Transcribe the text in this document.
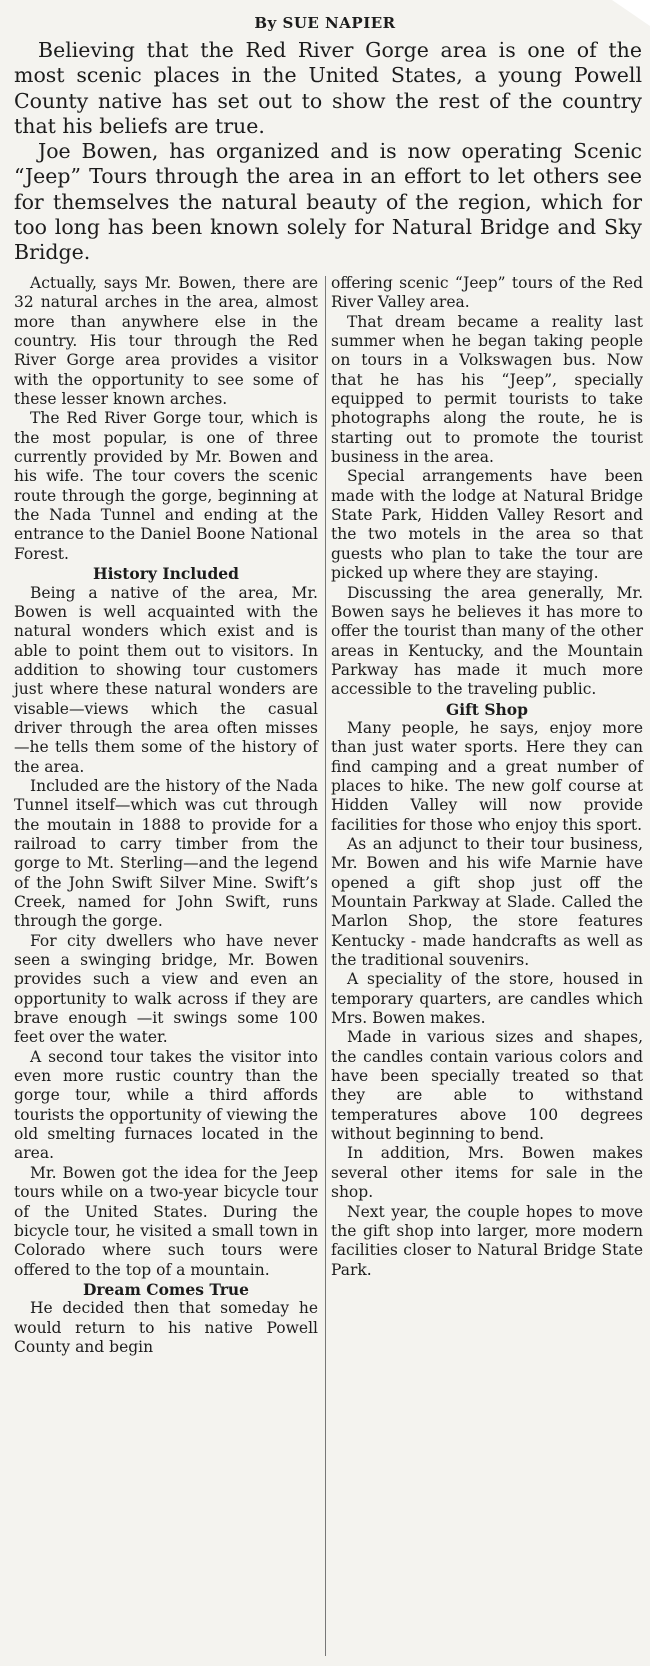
By SUE NAPIER

Believing that the Red River Gorge area is one of the most scenic places in the United States, a young Powell County native has set out to show the rest of the country that his beliefs are true.

Joe Bowen, has organized and is now operating Scenic “Jeep” Tours through the area in an effort to let others see for themselves the natural beauty of the region, which for too long has been known solely for Natural Bridge and Sky Bridge.

Actually, says Mr. Bowen, there are 32 natural arches in the area, almost more than anywhere else in the country. His tour through the Red River Gorge area provides a visitor with the opportunity to see some of these lesser known arches.

The Red River Gorge tour, which is the most popular, is one of three currently provided by Mr. Bowen and his wife. The tour covers the scenic route through the gorge, beginning at the Nada Tunnel and ending at the entrance to the Daniel Boone National Forest.

History Included

Being a native of the area, Mr. Bowen is well acquainted with the natural wonders which exist and is able to point them out to visitors. In addition to showing tour customers just where these natural wonders are visable—views which the casual driver through the area often misses—he tells them some of the history of the area.

Included are the history of the Nada Tunnel itself—which was cut through the moutain in 1888 to provide for a railroad to carry timber from the gorge to Mt. Sterling—and the legend of the John Swift Silver Mine. Swift’s Creek, named for John Swift, runs through the gorge.

For city dwellers who have never seen a swinging bridge, Mr. Bowen provides such a view and even an opportunity to walk across if they are brave enough —it swings some 100 feet over the water.

A second tour takes the visitor into even more rustic country than the gorge tour, while a third affords tourists the opportunity of viewing the old smelting furnaces located in the area.

Mr. Bowen got the idea for the Jeep tours while on a two-year bicycle tour of the United States. During the bicycle tour, he visited a small town in Colorado where such tours were offered to the top of a mountain.

Dream Comes True

He decided then that someday he would return to his native Powell County and begin

offering scenic “Jeep” tours of the Red River Valley area.

That dream became a reality last summer when he began taking people on tours in a Volkswagen bus. Now that he has his “Jeep”, specially equipped to permit tourists to take photographs along the route, he is starting out to promote the tourist business in the area.

Special arrangements have been made with the lodge at Natural Bridge State Park, Hidden Valley Resort and the two motels in the area so that guests who plan to take the tour are picked up where they are staying.

Discussing the area generally, Mr. Bowen says he believes it has more to offer the tourist than many of the other areas in Kentucky, and the Mountain Parkway has made it much more accessible to the traveling public.

Gift Shop

Many people, he says, enjoy more than just water sports. Here they can find camping and a great number of places to hike. The new golf course at Hidden Valley will now provide facilities for those who enjoy this sport.

As an adjunct to their tour business, Mr. Bowen and his wife Marnie have opened a gift shop just off the Mountain Parkway at Slade. Called the Marlon Shop, the store features Kentucky - made handcrafts as well as the traditional souvenirs.

A speciality of the store, housed in temporary quarters, are candles which Mrs. Bowen makes.

Made in various sizes and shapes, the candles contain various colors and have been specially treated so that they are able to withstand temperatures above 100 degrees without beginning to bend.

In addition, Mrs. Bowen makes several other items for sale in the shop.

Next year, the couple hopes to move the gift shop into larger, more modern facilities closer to Natural Bridge State Park.
